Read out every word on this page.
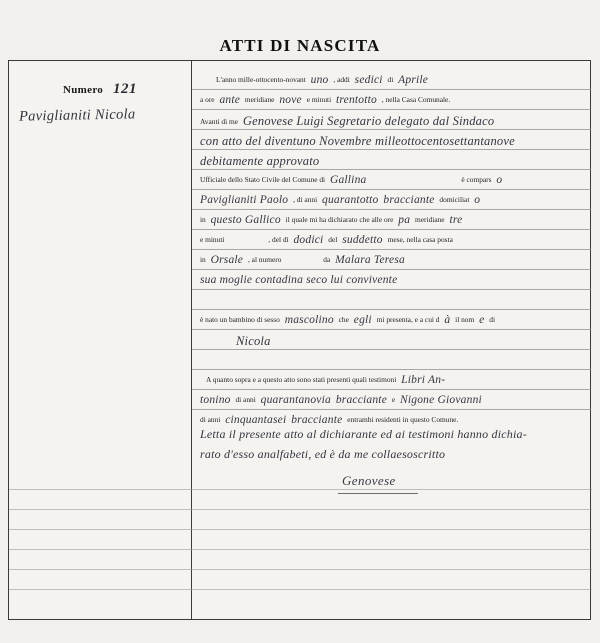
ATTI DI NASCITA
Numero 121
Paviglianiti Nicola
L'anno mille-ottocento-novant uno , addi sedici di Aprile
a ore ante meridiane nove e minuti trentotto , nella Casa Comunale.
Avanti di me Genovese Luigi Segretario delegato dal Sindaco
con atto del diventuno Novembre milleottocentosettantanove
debitamente approvato
Ufficiale dello Stato Civile del Comune di Gallina	è compars o
Paviglianiti Paolo , di anni quarantotto bracciante domiciliat o
in questo Gallico il quale mi ha dichiarato che alle ore pa meridiane tre
e minuti	, del dì dodici del suddetto mese, nella casa posta
in Orsale , al numero	da Malara Teresa
sua moglie contadina seco lui convivente
è nato un bambino di sesso mascolino che egli mi presenta, e a cui d à il nom e di
Nicola
A quanto sopra e a questo atto sono stati presenti quali testimoni Libri An-
tonino di anni quarantanovia bracciante e Nigone Giovanni
di anni cinquantasei bracciante entrambi residenti in questo Comune.
Letta il presente atto al dichiarante ed ai testimoni hanno dichia-
rato d'esso analfabeti, ed è da me collaesoscritto
Genovese
